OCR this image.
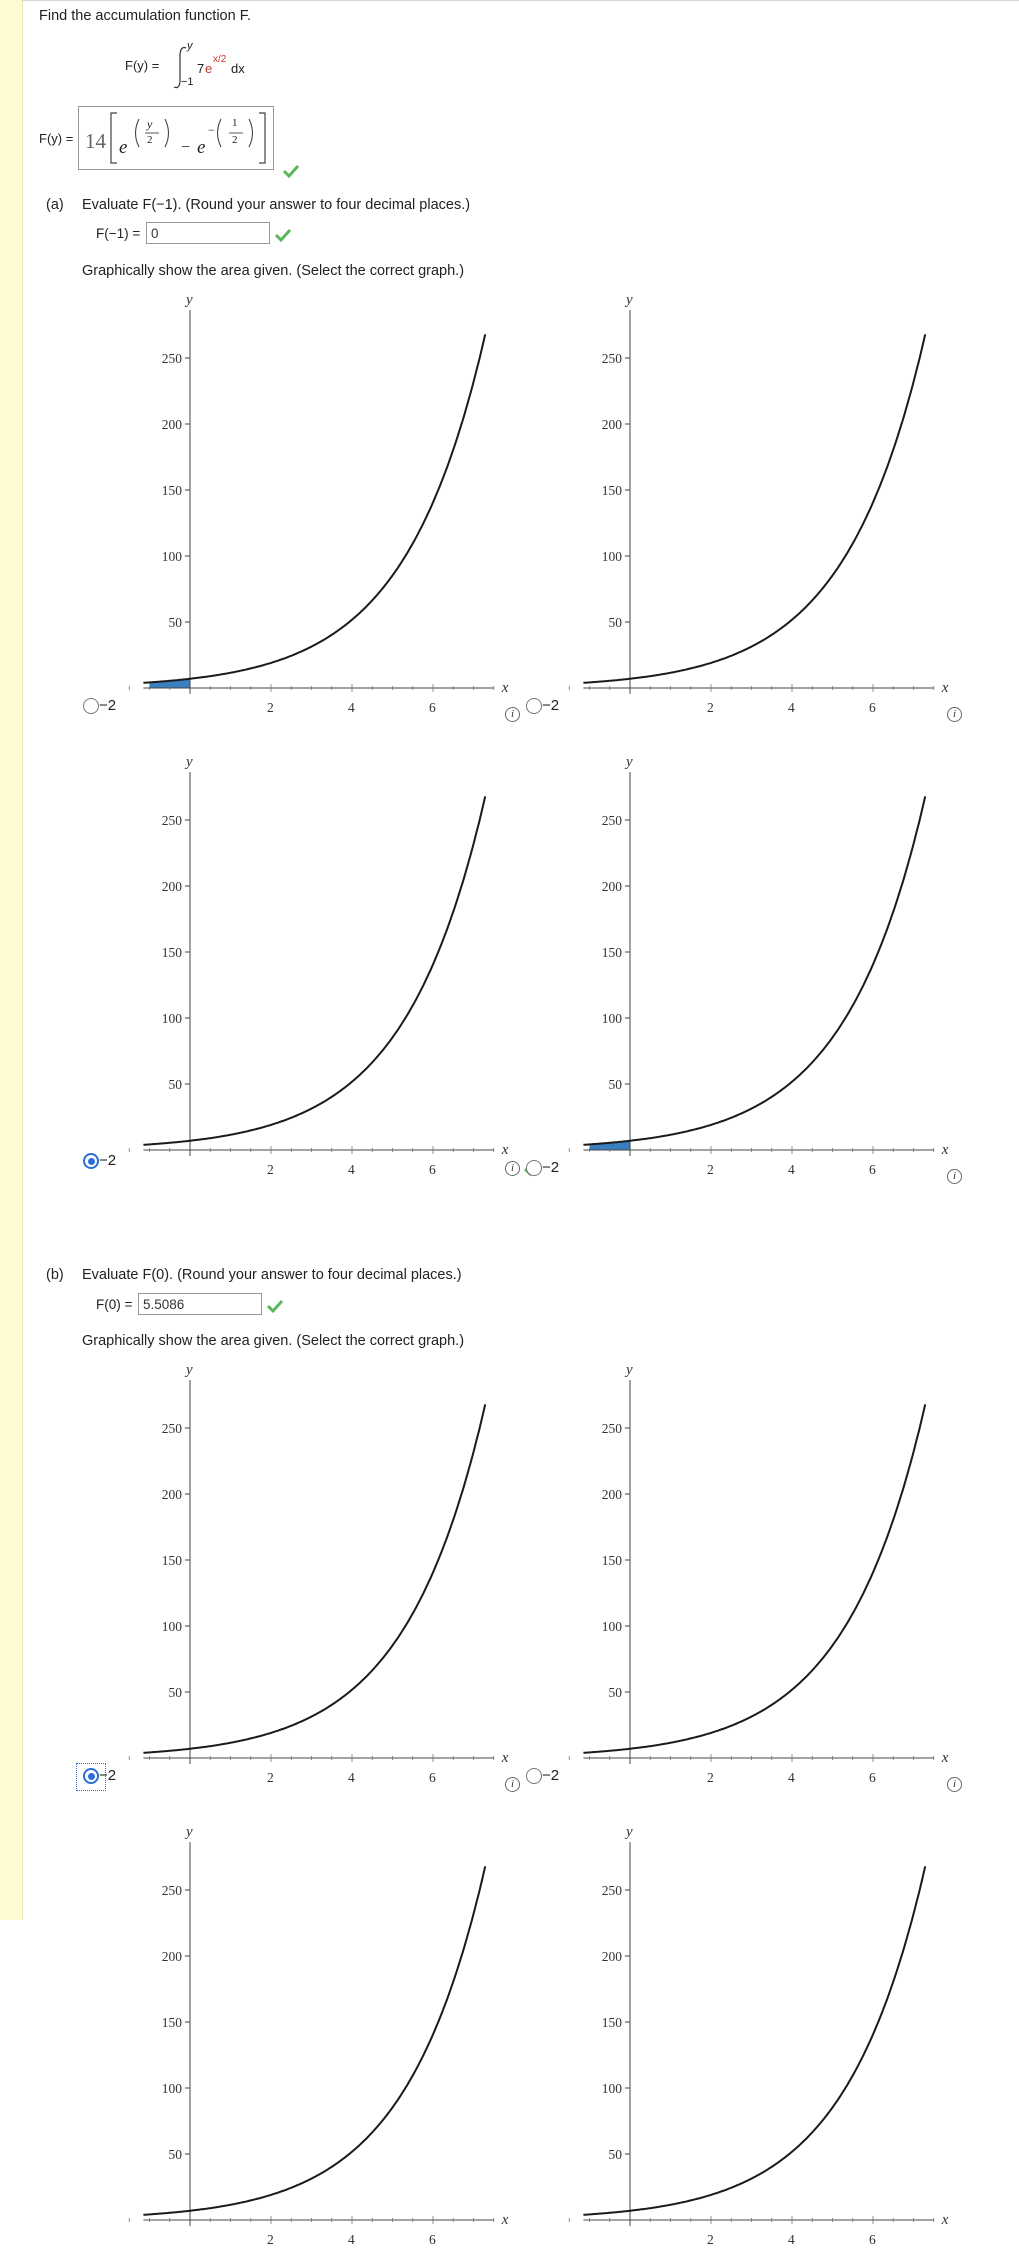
Find the accumulation function F.
F(y) =
y
−1
7 e
x/2
dx
F(y) = 14 e
y
2 − e
− 1
2
(a) Evaluate F(−1). (Round your answer to four decimal places.)
F(−1) = 0
Graphically show the area given. (Select the correct graph.)
y
x
2	4	6
250
200
150
100
50
−2	i
y
x
2	4	6
250
200
150
100
50
−2	i
y
x
2	4	6
250
200
150
100
50
−2	i
y
x
2	4	6
250
200
150
100
50
−2	i
(b) Evaluate F(0). (Round your answer to four decimal places.)
F(0) = 5.5086
Graphically show the area given. (Select the correct graph.)
y
x
2	4	6
250
200
150
100
50
−2	i
y
x
2	4	6
250
200
150
100
50
−2	i
y
x
2	4	6
250
200
150
100
50
y
x
2	4	6
250
200
150
100
50
